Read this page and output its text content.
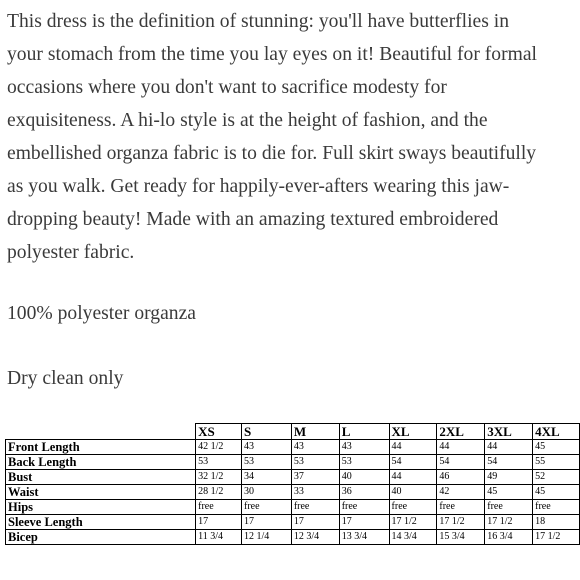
This dress is the definition of stunning: you'll have butterflies in
your stomach from the time you lay eyes on it! Beautiful for formal
occasions where you don't want to sacrifice modesty for
exquisiteness. A hi-lo style is at the height of fashion, and the
embellished organza fabric is to die for. Full skirt sways beautifully
as you walk. Get ready for happily-ever-afters wearing this jaw-
dropping beauty! Made with an amazing textured embroidered
polyester fabric.

100% polyester organza

Dry clean only

	XS	S	M	L	XL	2XL	3XL	4XL
Front Length	42 1/2	43	43	43	44	44	44	45
Back Length	53	53	53	53	54	54	54	55
Bust	32 1/2	34	37	40	44	46	49	52
Waist	28 1/2	30	33	36	40	42	45	45
Hips	free	free	free	free	free	free	free	free
Sleeve Length	17	17	17	17	17 1/2	17 1/2	17 1/2	18
Bicep	11 3/4	12 1/4	12 3/4	13 3/4	14 3/4	15 3/4	16 3/4	17 1/2
